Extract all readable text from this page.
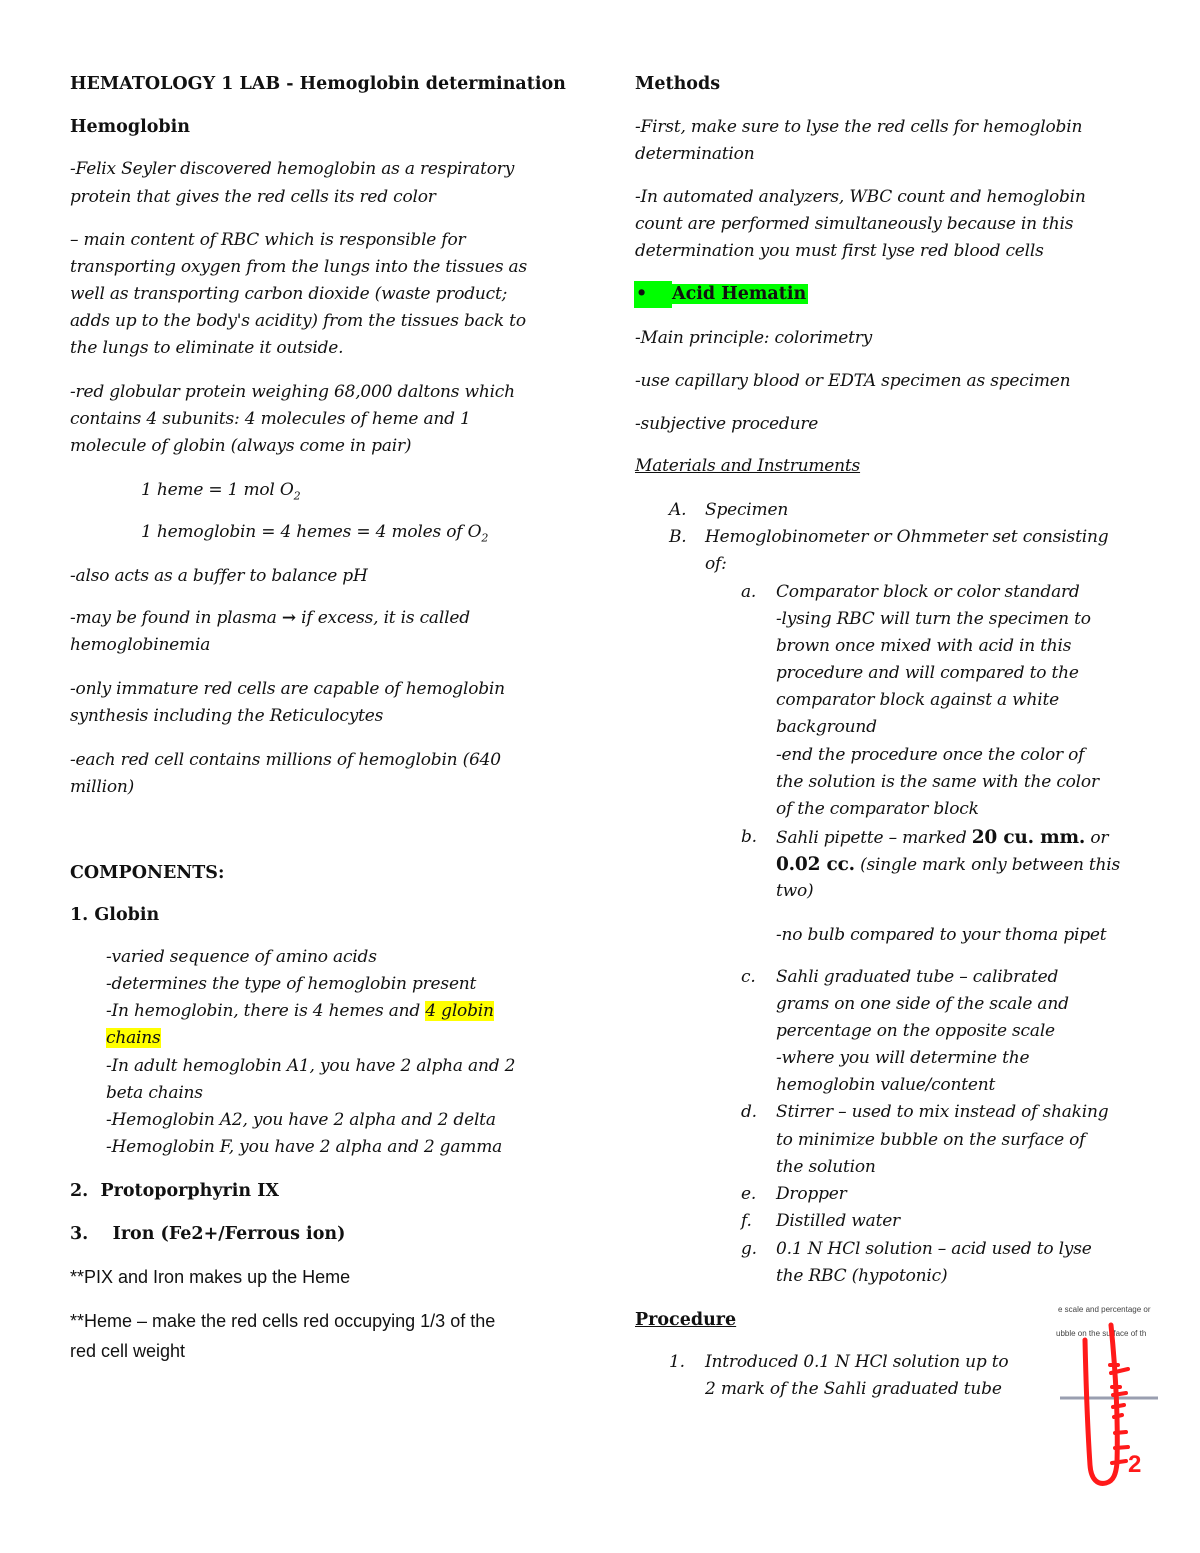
HEMATOLOGY 1 LAB - Hemoglobin determination
Hemoglobin
-Felix Seyler discovered hemoglobin as a respiratory
protein that gives the red cells its red color
– main content of RBC which is responsible for
transporting oxygen from the lungs into the tissues as
well as transporting carbon dioxide (waste product;
adds up to the body's acidity) from the tissues back to
the lungs to eliminate it outside.
-red globular protein weighing 68,000 daltons which
contains 4 subunits: 4 molecules of heme and 1
molecule of globin (always come in pair)
1 heme = 1 mol $O_2$
1 hemoglobin = 4 hemes = 4 moles of $O_2$
-also acts as a buffer to balance pH
-may be found in plasma → if excess, it is called
hemoglobinemia
-only immature red cells are capable of hemoglobin
synthesis including the Reticulocytes
-each red cell contains millions of hemoglobin (640
million)
COMPONENTS:
1. Globin
-varied sequence of amino acids
-determines the type of hemoglobin present
-In hemoglobin, there is 4 hemes and 4 globin
chains
-In adult hemoglobin A1, you have 2 alpha and 2
beta chains
-Hemoglobin A2, you have 2 alpha and 2 delta
-Hemoglobin F, you have 2 alpha and 2 gamma
2. Protoporphyrin IX
3. Iron (Fe2+/Ferrous ion)
**PIX and Iron makes up the Heme
**Heme – make the red cells red occupying 1/3 of the
red cell weight
Methods
-First, make sure to lyse the red cells for hemoglobin
determination
-In automated analyzers, WBC count and hemoglobin
count are performed simultaneously because in this
determination you must first lyse red blood cells
• Acid Hematin
-Main principle: colorimetry
-use capillary blood or EDTA specimen as specimen
-subjective procedure
Materials and Instruments
A. Specimen
B. Hemoglobinometer or Ohmmeter set consisting
of:
a. Comparator block or color standard
-lysing RBC will turn the specimen to
brown once mixed with acid in this
procedure and will compared to the
comparator block against a white
background
-end the procedure once the color of
the solution is the same with the color
of the comparator block
b. Sahli pipette – marked 20 cu. mm. or
0.02 cc. (single mark only between this
two)
-no bulb compared to your thoma pipet
c. Sahli graduated tube – calibrated
grams on one side of the scale and
percentage on the opposite scale
-where you will determine the
hemoglobin value/content
d. Stirrer – used to mix instead of shaking
to minimize bubble on the surface of
the solution
e. Dropper
f. Distilled water
g. 0.1 N HCl solution – acid used to lyse
the RBC (hypotonic)
Procedure
1. Introduced 0.1 N HCl solution up to
2 mark of the Sahli graduated tube
e scale and percentage or
ubble on the surface of th
2
